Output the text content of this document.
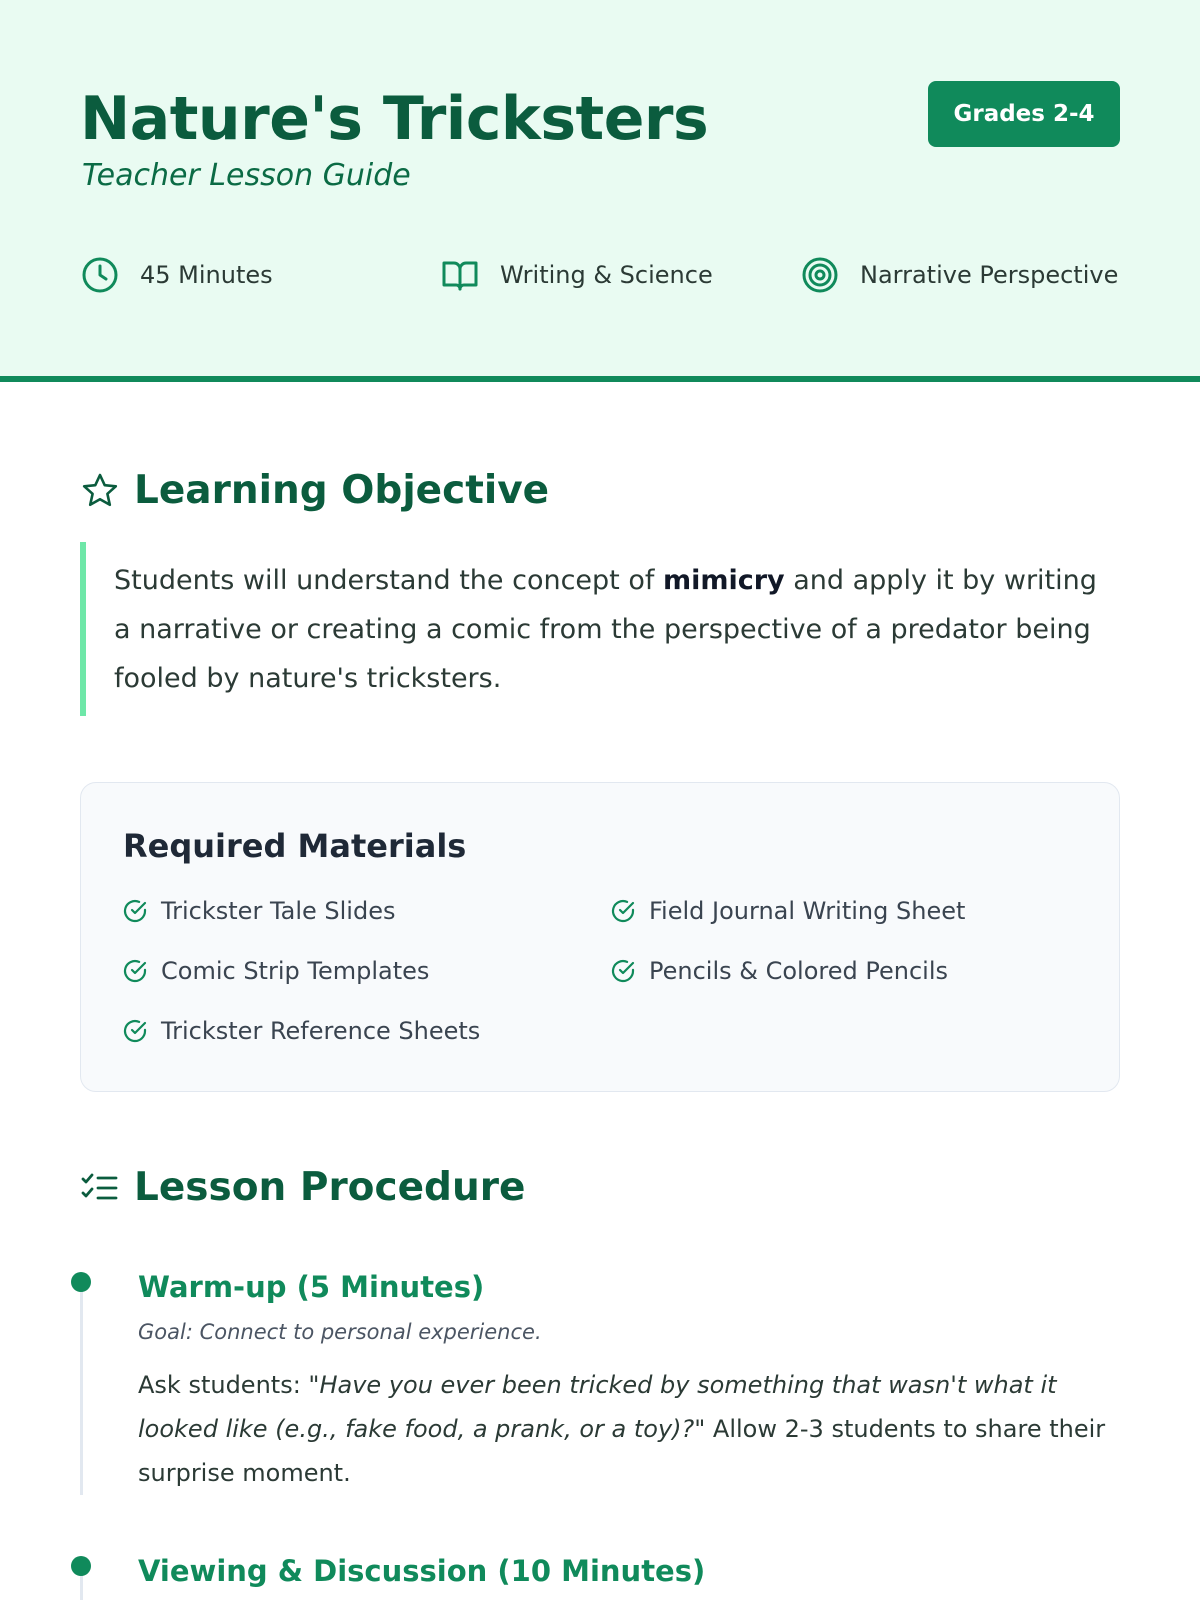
Nature's Tricksters
Teacher Lesson Guide
Grades 2-4
45 Minutes	Writing & Science	Narrative Perspective
Learning Objective
Students will understand the concept of mimicry and apply it by writing a narrative or creating a comic from the perspective of a predator being fooled by nature's tricksters.
Required Materials
Trickster Tale Slides	Field Journal Writing Sheet
Comic Strip Templates	Pencils & Colored Pencils
Trickster Reference Sheets
Lesson Procedure
Warm-up (5 Minutes)
Goal: Connect to personal experience.
Ask students: "Have you ever been tricked by something that wasn't what it looked like (e.g., fake food, a prank, or a toy)?" Allow 2-3 students to share their surprise moment.
Viewing & Discussion (10 Minutes)
